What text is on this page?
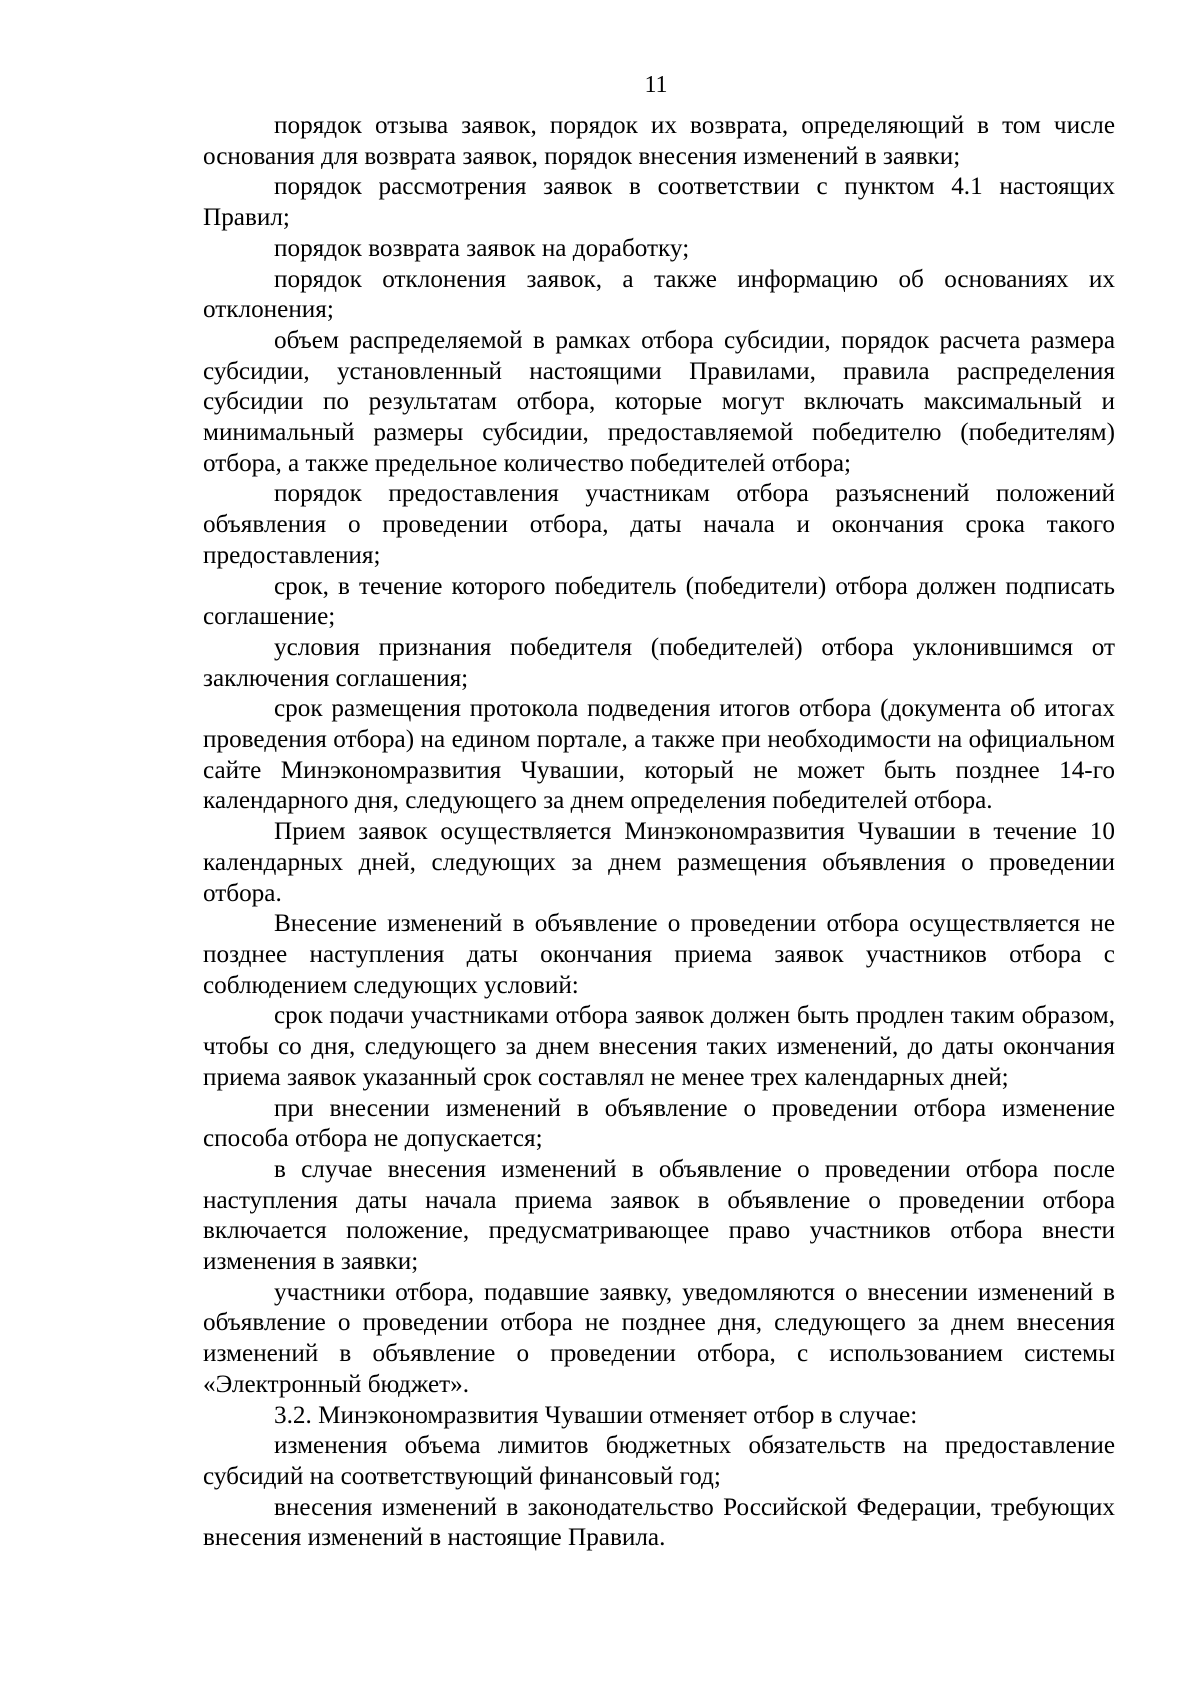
11

порядок отзыва заявок, порядок их возврата, определяющий в том числе основания для возврата заявок, порядок внесения изменений в заявки;

порядок рассмотрения заявок в соответствии с пунктом 4.1 настоящих Правил;

порядок возврата заявок на доработку;

порядок отклонения заявок, а также информацию об основаниях их отклонения;

объем распределяемой в рамках отбора субсидии, порядок расчета размера субсидии, установленный настоящими Правилами, правила распределения субсидии по результатам отбора, которые могут включать максимальный и минимальный размеры субсидии, предоставляемой победителю (победителям) отбора, а также предельное количество победителей отбора;

порядок предоставления участникам отбора разъяснений положений объявления о проведении отбора, даты начала и окончания срока такого предоставления;

срок, в течение которого победитель (победители) отбора должен подписать соглашение;

условия признания победителя (победителей) отбора уклонившимся от заключения соглашения;

срок размещения протокола подведения итогов отбора (документа об итогах проведения отбора) на едином портале, а также при необходимости на официальном сайте Минэкономразвития Чувашии, который не может быть позднее 14-го календарного дня, следующего за днем определения победителей отбора.

Прием заявок осуществляется Минэкономразвития Чувашии в течение 10 календарных дней, следующих за днем размещения объявления о проведении отбора.

Внесение изменений в объявление о проведении отбора осуществляется не позднее наступления даты окончания приема заявок участников отбора с соблюдением следующих условий:

срок подачи участниками отбора заявок должен быть продлен таким образом, чтобы со дня, следующего за днем внесения таких изменений, до даты окончания приема заявок указанный срок составлял не менее трех календарных дней;

при внесении изменений в объявление о проведении отбора изменение способа отбора не допускается;

в случае внесения изменений в объявление о проведении отбора после наступления даты начала приема заявок в объявление о проведении отбора включается положение, предусматривающее право участников отбора внести изменения в заявки;

участники отбора, подавшие заявку, уведомляются о внесении изменений в объявление о проведении отбора не позднее дня, следующего за днем внесения изменений в объявление о проведении отбора, с использованием системы «Электронный бюджет».

3.2. Минэкономразвития Чувашии отменяет отбор в случае:

изменения объема лимитов бюджетных обязательств на предоставление субсидий на соответствующий финансовый год;

внесения изменений в законодательство Российской Федерации, требующих внесения изменений в настоящие Правила.
